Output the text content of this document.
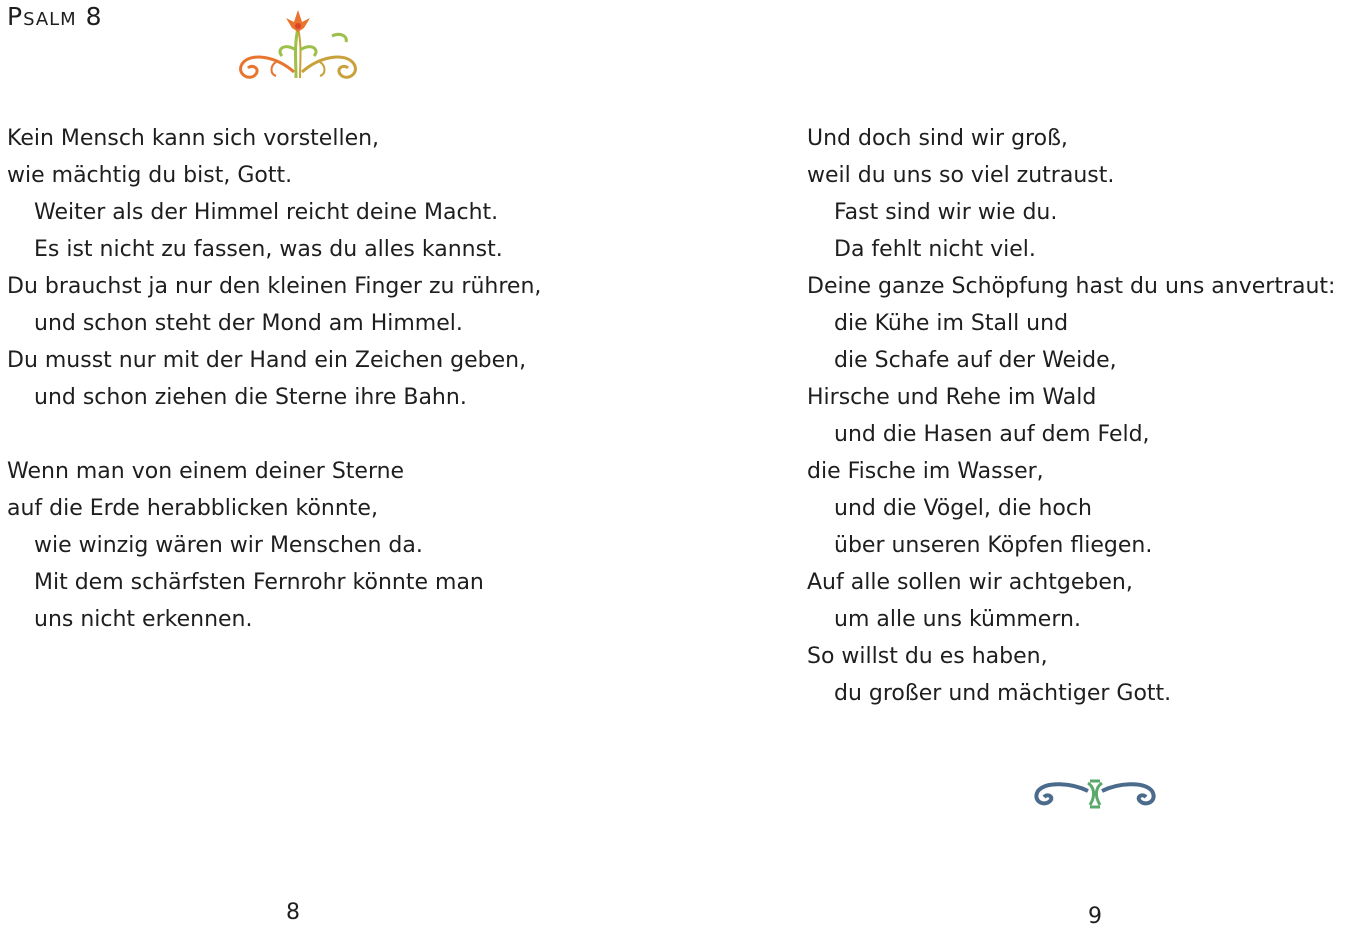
Psalm 8
Kein Mensch kann sich vorstellen,
wie mächtig du bist, Gott.
Weiter als der Himmel reicht deine Macht.
Es ist nicht zu fassen, was du alles kannst.
Du brauchst ja nur den kleinen Finger zu rühren,
und schon steht der Mond am Himmel.
Du musst nur mit der Hand ein Zeichen geben,
und schon ziehen die Sterne ihre Bahn.
Wenn man von einem deiner Sterne
auf die Erde herabblicken könnte,
wie winzig wären wir Menschen da.
Mit dem schärfsten Fernrohr könnte man
uns nicht erkennen.
Und doch sind wir groß,
weil du uns so viel zutraust.
Fast sind wir wie du.
Da fehlt nicht viel.
Deine ganze Schöpfung hast du uns anvertraut:
die Kühe im Stall und
die Schafe auf der Weide,
Hirsche und Rehe im Wald
und die Hasen auf dem Feld,
die Fische im Wasser,
und die Vögel, die hoch
über unseren Köpfen fliegen.
Auf alle sollen wir achtgeben,
um alle uns kümmern.
So willst du es haben,
du großer und mächtiger Gott.
8	9
